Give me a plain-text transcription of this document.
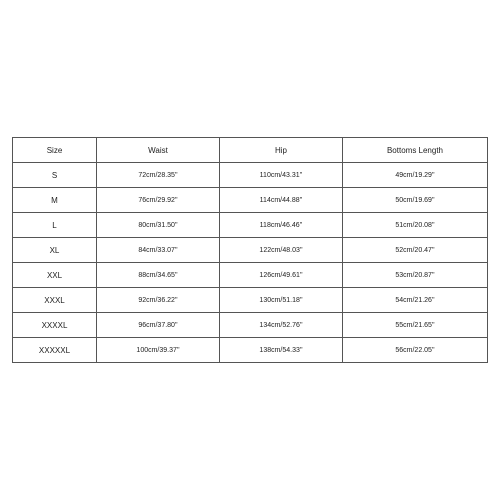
Size	Waist	Hip	Bottoms Length
S	72cm/28.35''	110cm/43.31''	49cm/19.29''
M	76cm/29.92''	114cm/44.88''	50cm/19.69''
L	80cm/31.50''	118cm/46.46''	51cm/20.08''
XL	84cm/33.07''	122cm/48.03''	52cm/20.47''
XXL	88cm/34.65''	126cm/49.61''	53cm/20.87''
XXXL	92cm/36.22''	130cm/51.18''	54cm/21.26''
XXXXL	96cm/37.80''	134cm/52.76''	55cm/21.65''
XXXXXL	100cm/39.37''	138cm/54.33''	56cm/22.05''
